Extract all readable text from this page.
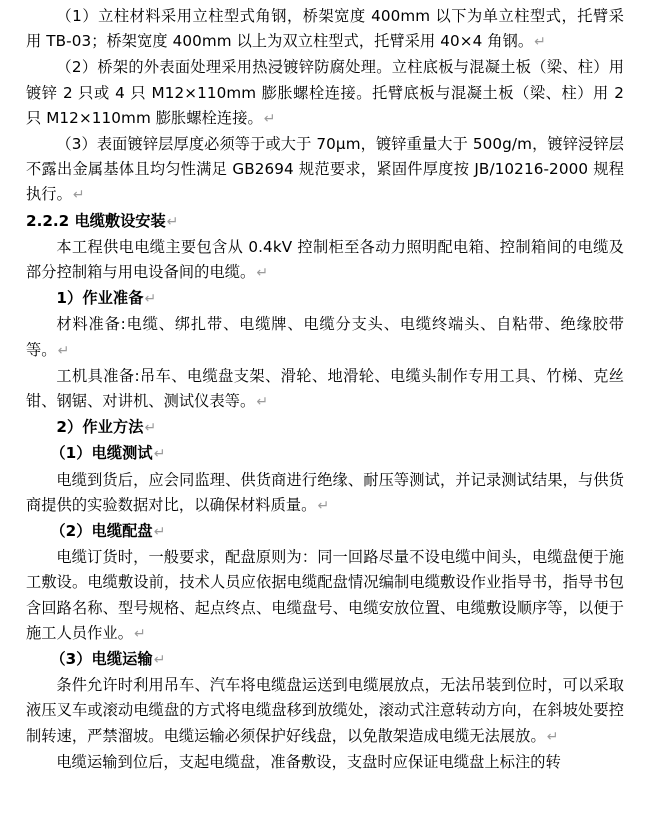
（1）立柱材料采用立柱型式角钢，桥架宽度 400mm 以下为单立柱型式，托臂采用 TB-03；桥架宽度 400mm 以上为双立柱型式，托臂采用 40×4 角钢。↵

（2）桥架的外表面处理采用热浸镀锌防腐处理。立柱底板与混凝土板（梁、柱）用镀锌 2 只或 4 只 M12×110mm 膨胀螺栓连接。托臂底板与混凝土板（梁、柱）用 2 只 M12×110mm 膨胀螺栓连接。↵

（3）表面镀锌层厚度必须等于或大于 70μm，镀锌重量大于 500g/m，镀锌浸锌层不露出金属基体且均匀性满足 GB2694 规范要求，紧固件厚度按 JB/10216-2000 规程执行。↵

2.2.2 电缆敷设安装↵

本工程供电电缆主要包含从 0.4kV 控制柜至各动力照明配电箱、控制箱间的电缆及部分控制箱与用电设备间的电缆。↵

1）作业准备↵

材料准备:电缆、绑扎带、电缆牌、电缆分支头、电缆终端头、自粘带、绝缘胶带等。↵

工机具准备:吊车、电缆盘支架、滑轮、地滑轮、电缆头制作专用工具、竹梯、克丝钳、钢锯、对讲机、测试仪表等。↵

2）作业方法↵

（1）电缆测试↵

电缆到货后，应会同监理、供货商进行绝缘、耐压等测试，并记录测试结果，与供货商提供的实验数据对比，以确保材料质量。↵

（2）电缆配盘↵

电缆订货时，一般要求，配盘原则为：同一回路尽量不设电缆中间头，电缆盘便于施工敷设。电缆敷设前，技术人员应依据电缆配盘情况编制电缆敷设作业指导书，指导书包含回路名称、型号规格、起点终点、电缆盘号、电缆安放位置、电缆敷设顺序等，以便于施工人员作业。↵

（3）电缆运输↵

条件允许时利用吊车、汽车将电缆盘运送到电缆展放点，无法吊装到位时，可以采取液压叉车或滚动电缆盘的方式将电缆盘移到放缆处，滚动式注意转动方向，在斜坡处要控制转速，严禁溜坡。电缆运输必须保护好线盘，以免散架造成电缆无法展放。↵

电缆运输到位后，支起电缆盘，准备敷设，支盘时应保证电缆盘上标注的转
